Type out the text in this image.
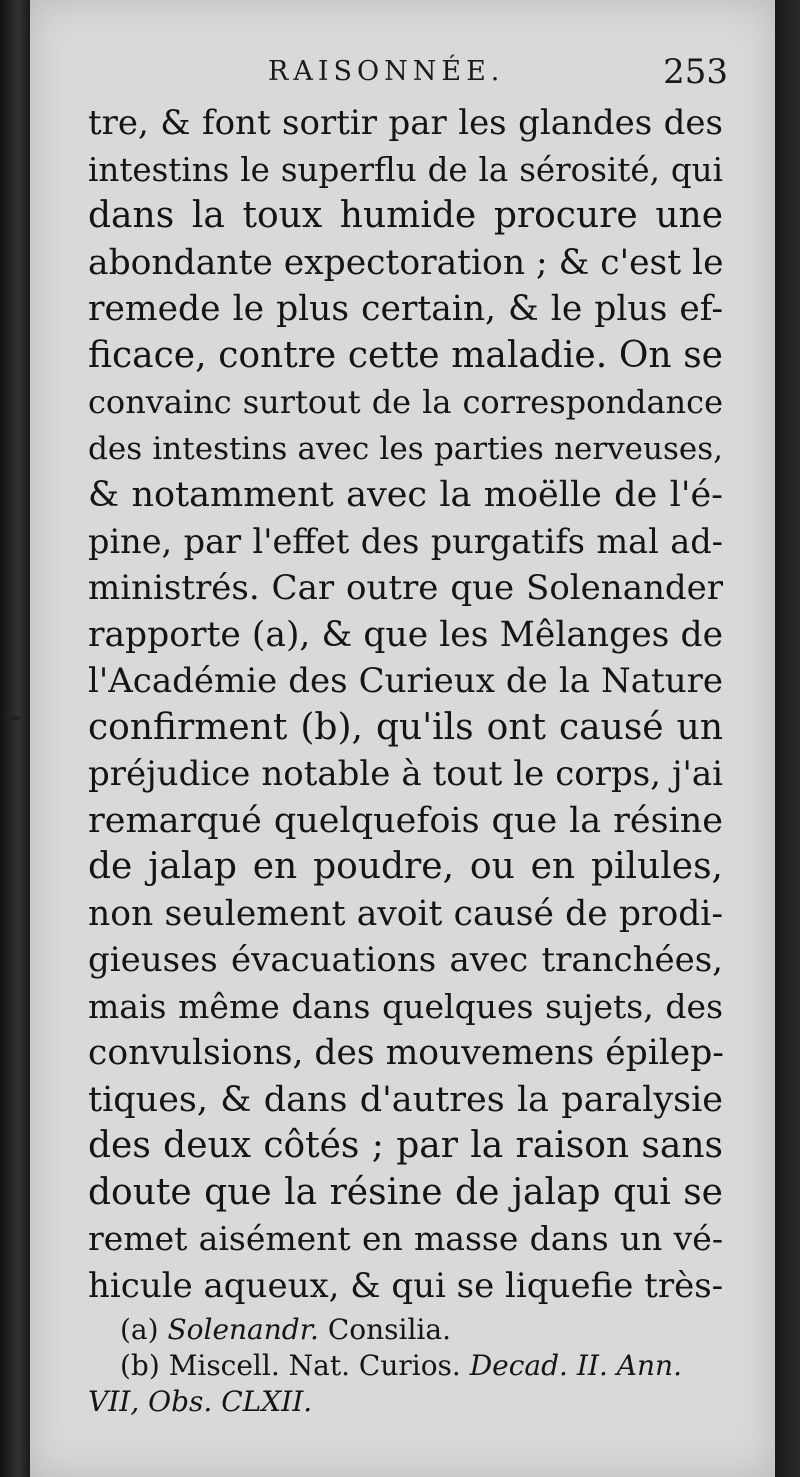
RAISONNÉE.	253
tre, & font sortir par les glandes des
intestins le superflu de la sérosité, qui
dans la toux humide procure une
abondante expectoration ; & c'est le
remede le plus certain, & le plus ef-
ficace, contre cette maladie. On se
convainc surtout de la correspondance
des intestins avec les parties nerveuses,
& notamment avec la moëlle de l'é-
pine, par l'effet des purgatifs mal ad-
ministrés. Car outre que Solenander
rapporte (a), & que les Mêlanges de
l'Académie des Curieux de la Nature
confirment (b), qu'ils ont causé un
préjudice notable à tout le corps, j'ai
remarqué quelquefois que la résine
de jalap en poudre, ou en pilules,
non seulement avoit causé de prodi-
gieuses évacuations avec tranchées,
mais même dans quelques sujets, des
convulsions, des mouvemens épilep-
tiques, & dans d'autres la paralysie
des deux côtés ; par la raison sans
doute que la résine de jalap qui se
remet aisément en masse dans un vé-
hicule aqueux, & qui se liquefie très-
(a) Solenandr. Consilia.
(b) Miscell. Nat. Curios. Decad. II. Ann.
VII, Obs. CLXII.
